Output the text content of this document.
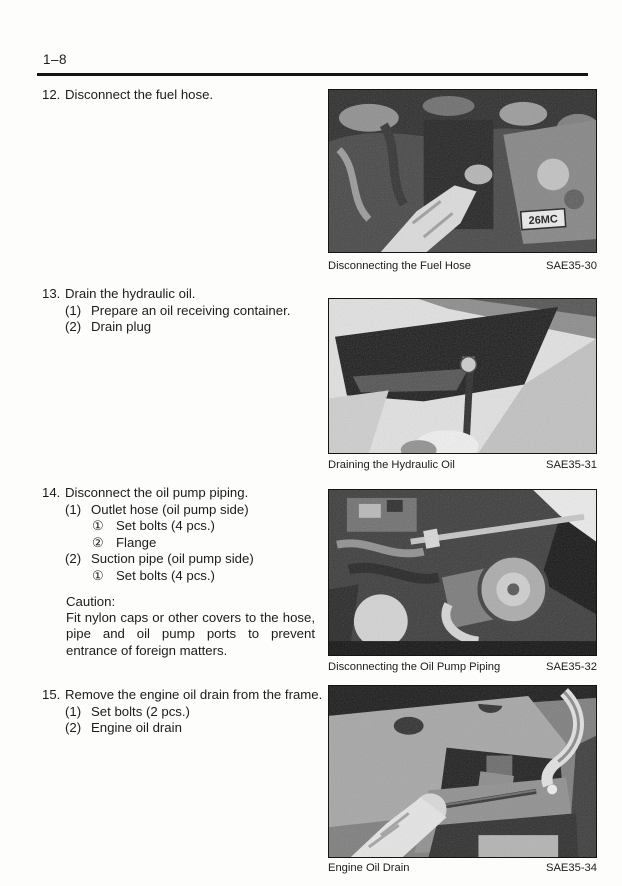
1–8
12. Disconnect the fuel hose.
26MC
Disconnecting the Fuel Hose	SAE35-30
13. Drain the hydraulic oil.
(1) Prepare an oil receiving container.
(2) Drain plug
Draining the Hydraulic Oil	SAE35-31
14. Disconnect the oil pump piping.
(1) Outlet hose (oil pump side)
① Set bolts (4 pcs.)
② Flange
(2) Suction pipe (oil pump side)
① Set bolts (4 pcs.)
Caution:
Fit nylon caps or other covers to the hose, pipe and oil pump ports to prevent entrance of foreign matters.
Disconnecting the Oil Pump Piping	SAE35-32
15. Remove the engine oil drain from the frame.
(1) Set bolts (2 pcs.)
(2) Engine oil drain
Engine Oil Drain	SAE35-34
